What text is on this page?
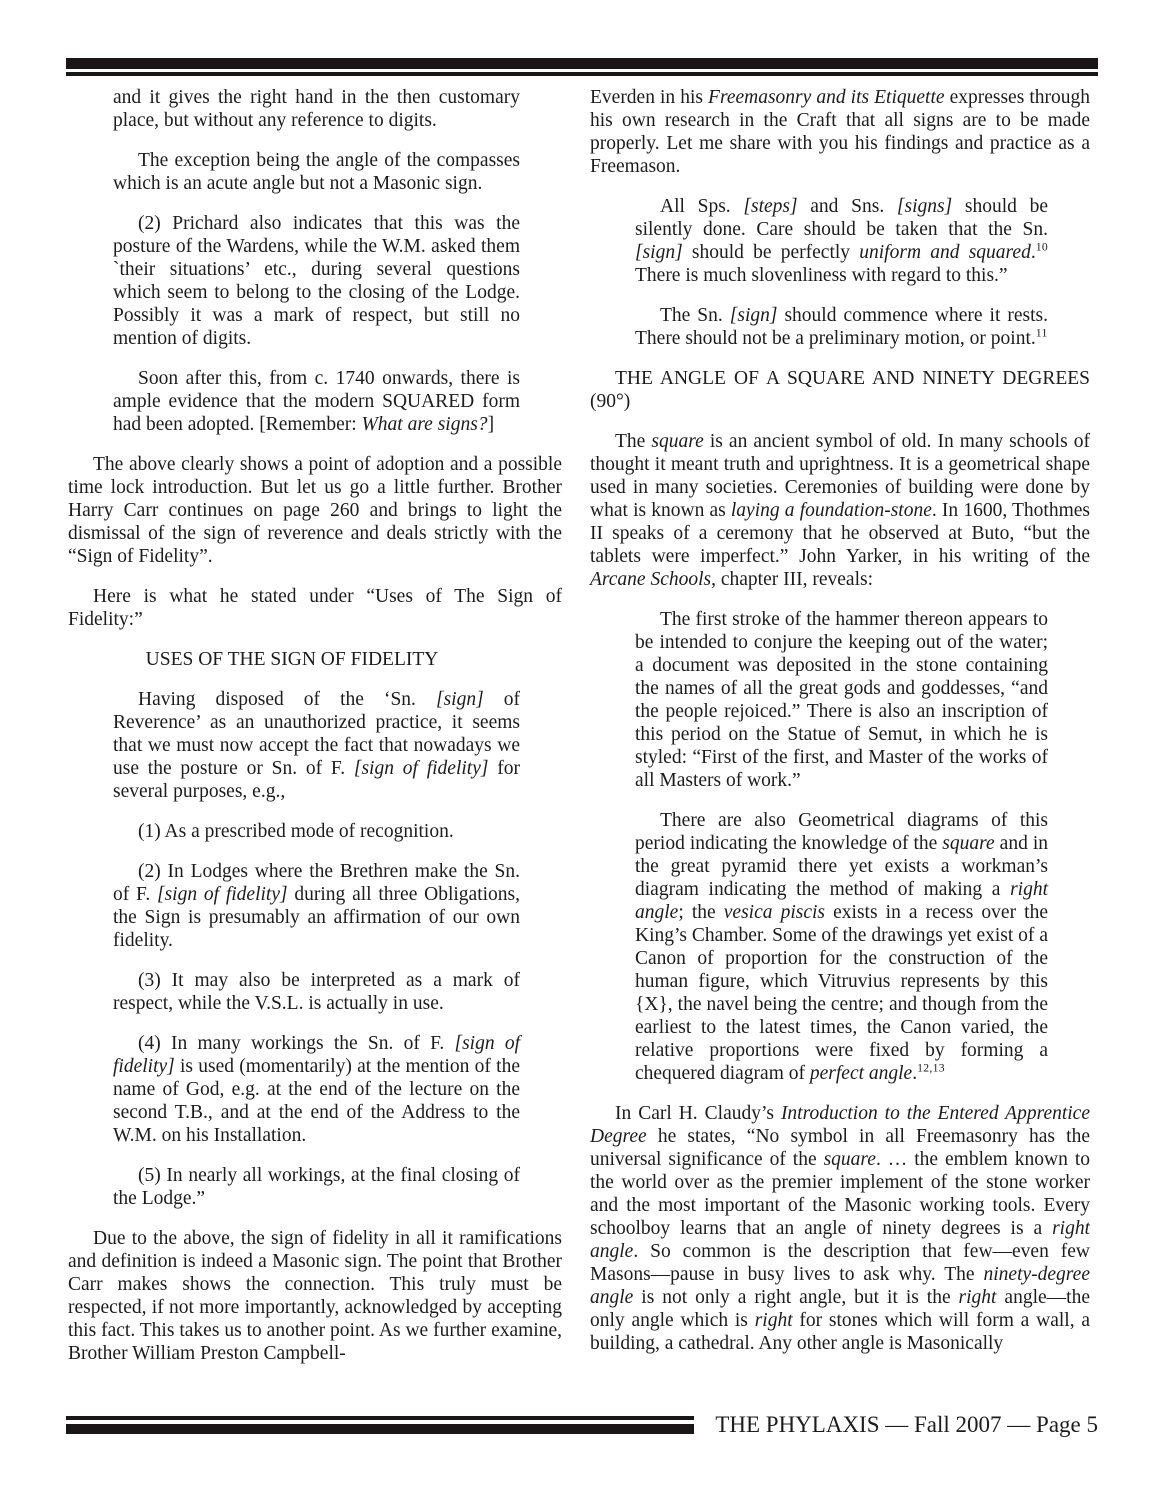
and it gives the right hand in the then customary place, but without any reference to digits.

The exception being the angle of the compasses which is an acute angle but not a Masonic sign.

(2) Prichard also indicates that this was the posture of the Wardens, while the W.M. asked them `their situations’ etc., during several questions which seem to belong to the closing of the Lodge. Possibly it was a mark of respect, but still no mention of digits.

Soon after this, from c. 1740 onwards, there is ample evidence that the modern SQUARED form had been adopted. [Remember: What are signs?]

The above clearly shows a point of adoption and a possible time lock introduction. But let us go a little further. Brother Harry Carr continues on page 260 and brings to light the dismissal of the sign of reverence and deals strictly with the “Sign of Fidelity”.

Here is what he stated under “Uses of The Sign of Fidelity:”

USES OF THE SIGN OF FIDELITY

Having disposed of the ‘Sn. [sign] of Reverence’ as an unauthorized practice, it seems that we must now accept the fact that nowadays we use the posture or Sn. of F. [sign of fidelity] for several purposes, e.g.,

(1) As a prescribed mode of recognition.

(2) In Lodges where the Brethren make the Sn. of F. [sign of fidelity] during all three Obligations, the Sign is presumably an affirmation of our own fidelity.

(3) It may also be interpreted as a mark of respect, while the V.S.L. is actually in use.

(4) In many workings the Sn. of F. [sign of fidelity] is used (momentarily) at the mention of the name of God, e.g. at the end of the lecture on the second T.B., and at the end of the Address to the W.M. on his Installation.

(5) In nearly all workings, at the final closing of the Lodge.”

Due to the above, the sign of fidelity in all it ramifications and definition is indeed a Masonic sign. The point that Brother Carr makes shows the connection. This truly must be respected, if not more importantly, acknowledged by accepting this fact. This takes us to another point. As we further examine, Brother William Preston Campbell-

Everden in his Freemasonry and its Etiquette expresses through his own research in the Craft that all signs are to be made properly. Let me share with you his findings and practice as a Freemason.

All Sps. [steps] and Sns. [signs] should be silently done. Care should be taken that the Sn. [sign] should be perfectly uniform and squared.$^{10}$ There is much slovenliness with regard to this.”

The Sn. [sign] should commence where it rests. There should not be a preliminary motion, or point.$^{11}$

THE ANGLE OF A SQUARE AND NINETY DEGREES (90°)

The square is an ancient symbol of old. In many schools of thought it meant truth and uprightness. It is a geometrical shape used in many societies. Ceremonies of building were done by what is known as laying a foundation-stone. In 1600, Thothmes II speaks of a ceremony that he observed at Buto, “but the tablets were imperfect.” John Yarker, in his writing of the Arcane Schools, chapter III, reveals:

The first stroke of the hammer thereon appears to be intended to conjure the keeping out of the water; a document was deposited in the stone containing the names of all the great gods and goddesses, “and the people rejoiced.” There is also an inscription of this period on the Statue of Semut, in which he is styled: “First of the first, and Master of the works of all Masters of work.”

There are also Geometrical diagrams of this period indicating the knowledge of the square and in the great pyramid there yet exists a workman’s diagram indicating the method of making a right angle; the vesica piscis exists in a recess over the King’s Chamber. Some of the drawings yet exist of a Canon of proportion for the construction of the human figure, which Vitruvius represents by this {X}, the navel being the centre; and though from the earliest to the latest times, the Canon varied, the relative proportions were fixed by forming a chequered diagram of perfect angle.$^{12,13}$

In Carl H. Claudy’s Introduction to the Entered Apprentice Degree he states, “No symbol in all Freemasonry has the universal significance of the square. … the emblem known to the world over as the premier implement of the stone worker and the most important of the Masonic working tools. Every schoolboy learns that an angle of ninety degrees is a right angle. So common is the description that few—even few Masons—pause in busy lives to ask why. The ninety-degree angle is not only a right angle, but it is the right angle—the only angle which is right for stones which will form a wall, a building, a cathedral. Any other angle is Masonically

THE PHYLAXIS — Fall 2007 — Page 5
